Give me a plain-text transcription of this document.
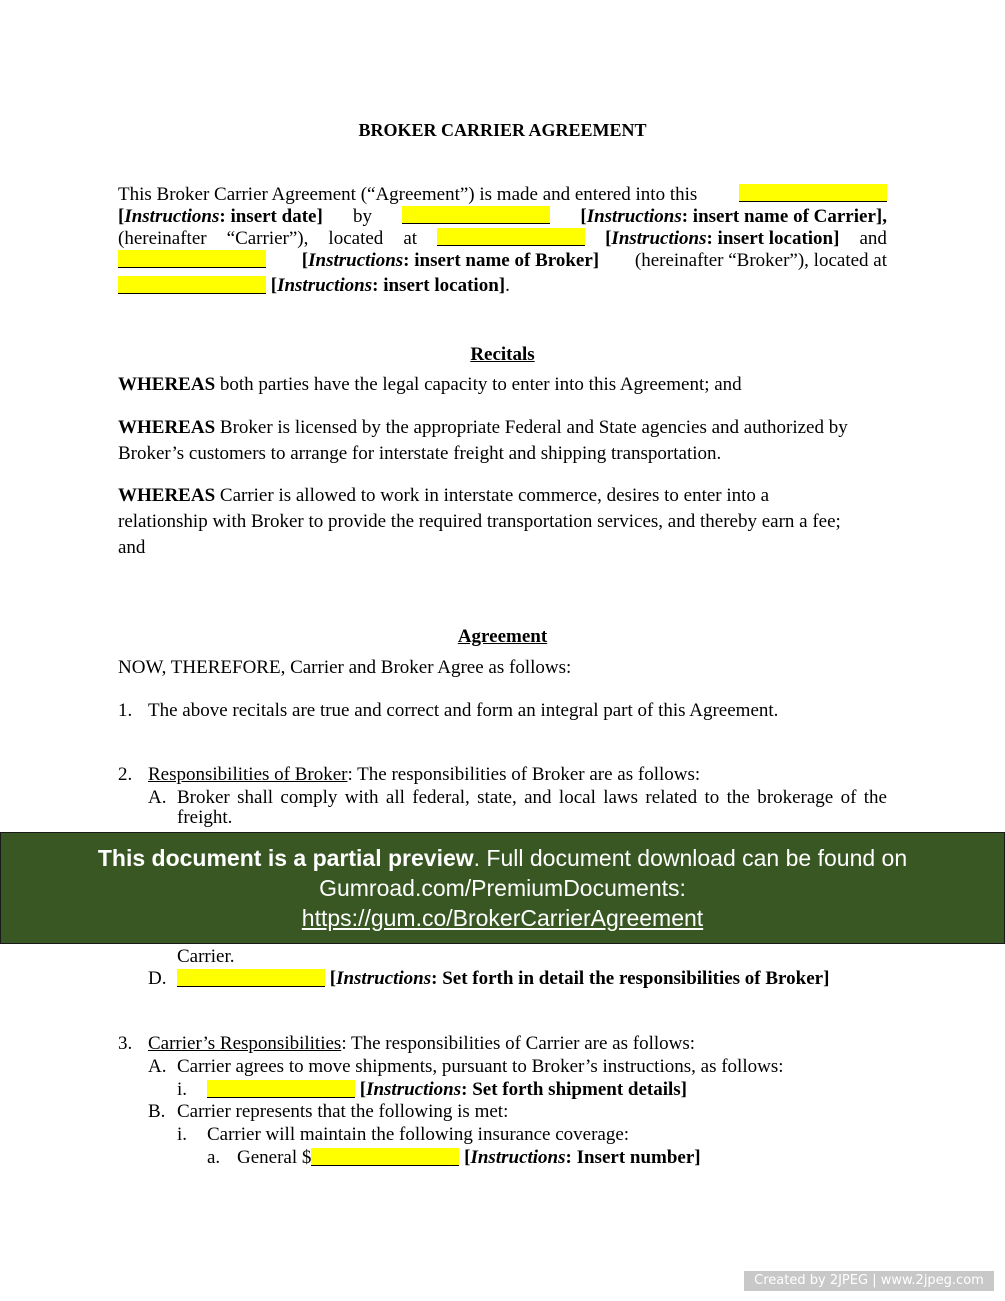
BROKER CARRIER AGREEMENT
This Broker Carrier Agreement (“Agreement”) is made and entered into this
[Instructions: insert date] by	[Instructions: insert name of Carrier],
(hereinafter “Carrier”), located at	[Instructions: insert location] and
[Instructions: insert name of Broker] (hereinafter “Broker”), located at
[Instructions: insert location].
Recitals
WHEREAS both parties have the legal capacity to enter into this Agreement; and
WHEREAS Broker is licensed by the appropriate Federal and State agencies and authorized by
Broker’s customers to arrange for interstate freight and shipping transportation.
WHEREAS Carrier is allowed to work in interstate commerce, desires to enter into a
relationship with Broker to provide the required transportation services, and thereby earn a fee;
and
Agreement
NOW, THEREFORE, Carrier and Broker Agree as follows:
1. The above recitals are true and correct and form an integral part of this Agreement.
2. Responsibilities of Broker: The responsibilities of Broker are as follows:
A. Broker shall comply with all federal, state, and local laws related to the brokerage of the
freight.
Carrier.
D.	[Instructions: Set forth in detail the responsibilities of Broker]
3. Carrier’s Responsibilities: The responsibilities of Carrier are as follows:
A. Carrier agrees to move shipments, pursuant to Broker’s instructions, as follows:
i.	[Instructions: Set forth shipment details]
B. Carrier represents that the following is met:
i. Carrier will maintain the following insurance coverage:
a. General $	[Instructions: Insert number]
This document is a partial preview. Full document download can be found on
Gumroad.com/PremiumDocuments:
https://gum.co/BrokerCarrierAgreement
Created by 2JPEG | www.2jpeg.com
